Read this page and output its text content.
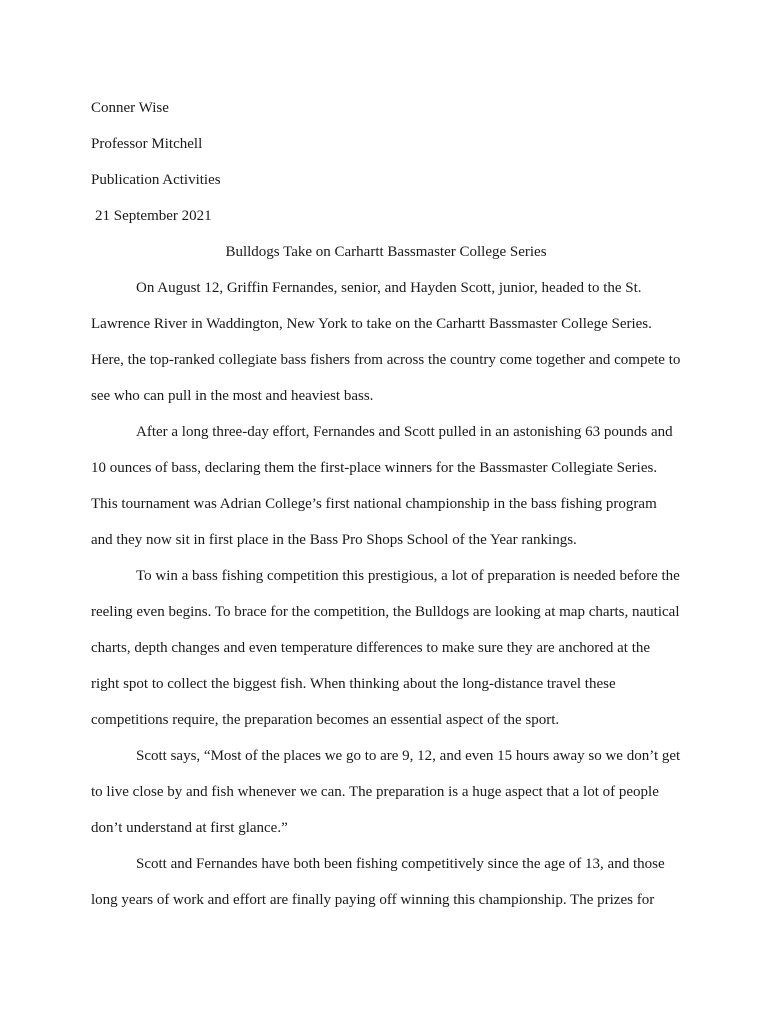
Conner Wise
Professor Mitchell
Publication Activities
21 September 2021
Bulldogs Take on Carhartt Bassmaster College Series

On August 12, Griffin Fernandes, senior, and Hayden Scott, junior, headed to the St. Lawrence River in Waddington, New York to take on the Carhartt Bassmaster College Series. Here, the top-ranked collegiate bass fishers from across the country come together and compete to see who can pull in the most and heaviest bass.

After a long three-day effort, Fernandes and Scott pulled in an astonishing 63 pounds and 10 ounces of bass, declaring them the first-place winners for the Bassmaster Collegiate Series. This tournament was Adrian College’s first national championship in the bass fishing program and they now sit in first place in the Bass Pro Shops School of the Year rankings.

To win a bass fishing competition this prestigious, a lot of preparation is needed before the reeling even begins. To brace for the competition, the Bulldogs are looking at map charts, nautical charts, depth changes and even temperature differences to make sure they are anchored at the right spot to collect the biggest fish. When thinking about the long-distance travel these competitions require, the preparation becomes an essential aspect of the sport.

Scott says, “Most of the places we go to are 9, 12, and even 15 hours away so we don’t get to live close by and fish whenever we can. The preparation is a huge aspect that a lot of people don’t understand at first glance.”

Scott and Fernandes have both been fishing competitively since the age of 13, and those long years of work and effort are finally paying off winning this championship. The prizes for
